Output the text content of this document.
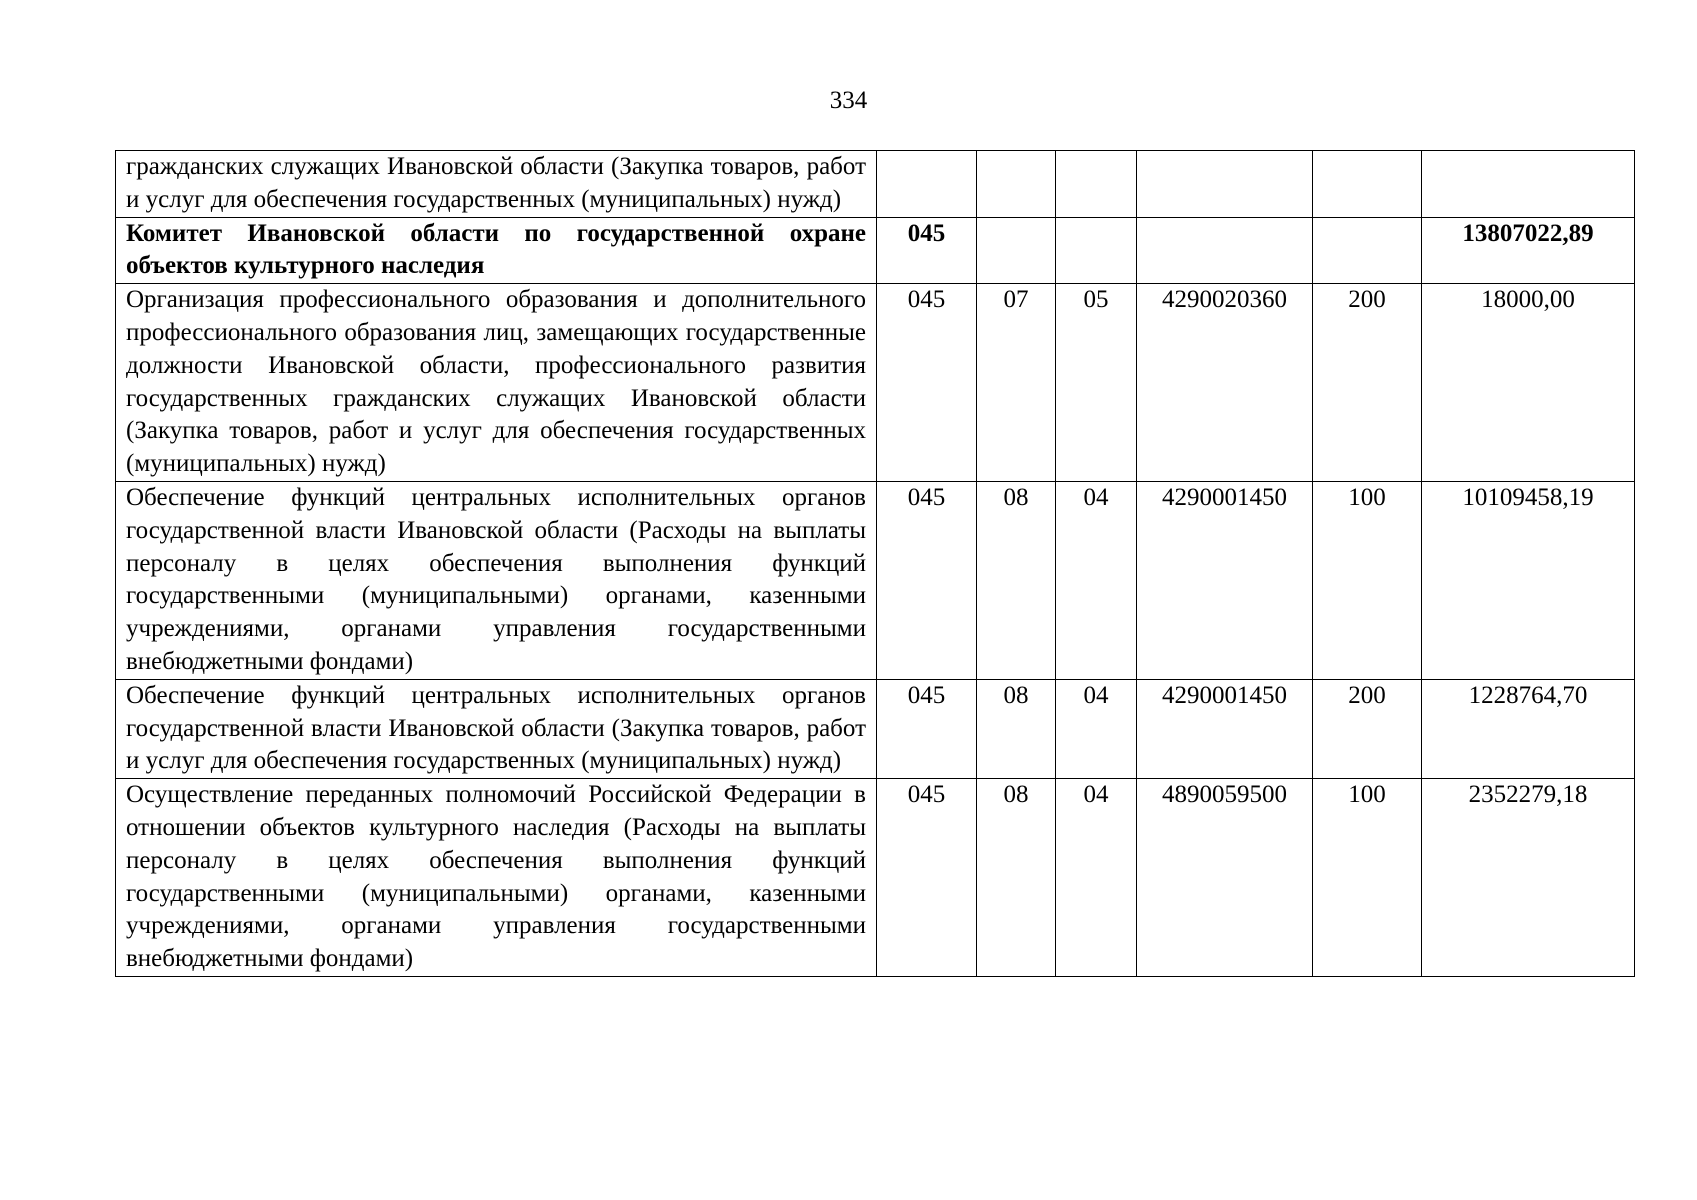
334
гражданских служащих Ивановской области (Закупка товаров, работ и услуг для обеспечения государственных (муниципальных) нужд)						
Комитет Ивановской области по государственной охране объектов культурного наследия	045					13807022,89
Организация профессионального образования и дополнительного профессионального образования лиц, замещающих государственные должности Ивановской области, профессионального развития государственных гражданских служащих Ивановской области (Закупка товаров, работ и услуг для обеспечения государственных (муниципальных) нужд)	045	07	05	4290020360	200	18000,00
Обеспечение функций центральных исполнительных органов государственной власти Ивановской области (Расходы на выплаты персоналу в целях обеспечения выполнения функций государственными (муниципальными) органами, казенными учреждениями, органами управления государственными внебюджетными фондами)	045	08	04	4290001450	100	10109458,19
Обеспечение функций центральных исполнительных органов государственной власти Ивановской области (Закупка товаров, работ и услуг для обеспечения государственных (муниципальных) нужд)	045	08	04	4290001450	200	1228764,70
Осуществление переданных полномочий Российской Федерации в отношении объектов культурного наследия (Расходы на выплаты персоналу в целях обеспечения выполнения функций государственными (муниципальными) органами, казенными учреждениями, органами управления государственными внебюджетными фондами)	045	08	04	4890059500	100	2352279,18
